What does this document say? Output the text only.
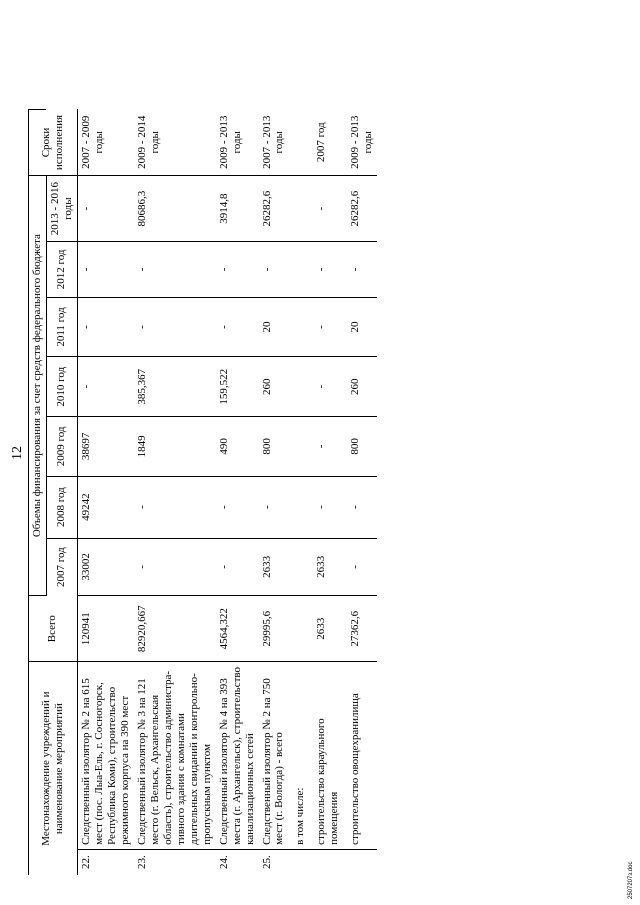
12
Местонахождение учреждений и наименование мероприятий		Всего	Объемы финансирования за счет средств федерального бюджета							Сроки исполнения	
			2007 год	2008 год	2009 год	2010 год	2011 год	2012 год	2013 - 2016 годы		
22.	Следственный изолятор № 2 на 615 мест (пос. Лыа-Ель, г. Сосногорск, Республика Коми), строительство режимного корпуса на 390 мест	120941	33002	49242	38697	-	-	-	-	2007 - 2009 годы	
23.	Следственный изолятор № 3 на 121 место (г. Вельск, Архангельская область), строительство администра- тивного здания с комнатами длительных свиданий и контрольно-пропускным пунктом	82920,667	-	-	1849	385,367	-	-	80686,3	2009 - 2014 годы	
24.	Следственный изолятор № 4 на 393 места (г. Архангельск), строительство канализационных сетей	4564,322	-	-	490	159,522	-	-	3914,8	2009 - 2013 годы	
25.	Следственный изолятор № 2 на 750 мест (г. Вологда) - всего	29995,6	2633	-	800	260	20	-	26282,6	2007 - 2013 годы	
	в том числе:										
	строительство караульного помещения	2633	2633	-	-	-	-	-	-	2007 год	
	строительство овощехранилища	27362,6	-	-	800	260	20	-	26282,6	2009 - 2013 годы	
2507207з.doc
